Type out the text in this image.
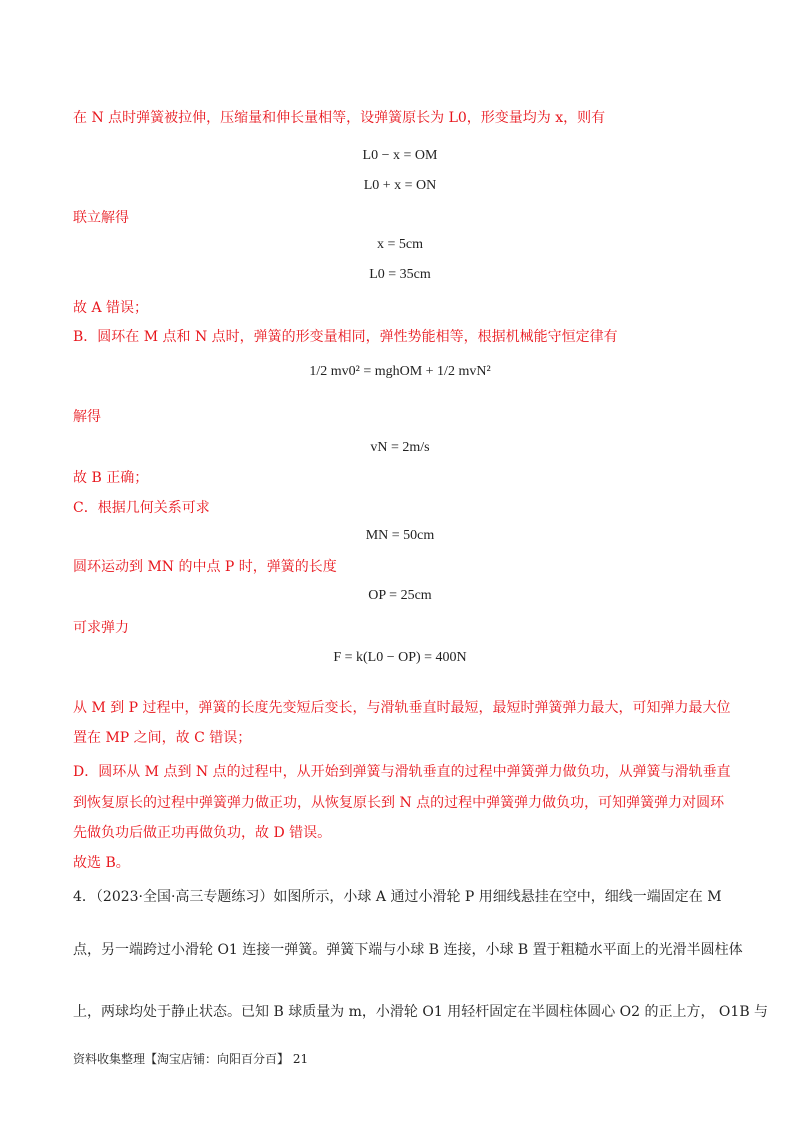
在 N 点时弹簧被拉伸，压缩量和伸长量相等，设弹簧原长为 L0，形变量均为 x，则有
L0 − x = OM
L0 + x = ON
联立解得
x = 5cm
L0 = 35cm
故 A 错误；
B．圆环在 M 点和 N 点时，弹簧的形变量相同，弹性势能相等，根据机械能守恒定律有
1/2 mv0² = mghOM + 1/2 mvN²
解得
vN = 2m/s
故 B 正确；
C．根据几何关系可求
MN = 50cm
圆环运动到 MN 的中点 P 时，弹簧的长度
OP = 25cm
可求弹力
F = k(L0 − OP) = 400N
从 M 到 P 过程中，弹簧的长度先变短后变长，与滑轨垂直时最短，最短时弹簧弹力最大，可知弹力最大位
置在 MP 之间，故 C 错误；
D．圆环从 M 点到 N 点的过程中，从开始到弹簧与滑轨垂直的过程中弹簧弹力做负功，从弹簧与滑轨垂直
到恢复原长的过程中弹簧弹力做正功，从恢复原长到 N 点的过程中弹簧弹力做负功，可知弹簧弹力对圆环
先做负功后做正功再做负功，故 D 错误。
故选 B。
4．（2023·全国·高三专题练习）如图所示，小球 A 通过小滑轮 P 用细线悬挂在空中，细线一端固定在 M
点，另一端跨过小滑轮 O1 连接一弹簧。弹簧下端与小球 B 连接，小球 B 置于粗糙水平面上的光滑半圆柱体
上，两球均处于静止状态。已知 B 球质量为 m，小滑轮 O1 用轻杆固定在半圆柱体圆心 O2 的正上方， O1B 与
资料收集整理【淘宝店铺：向阳百分百】 21
